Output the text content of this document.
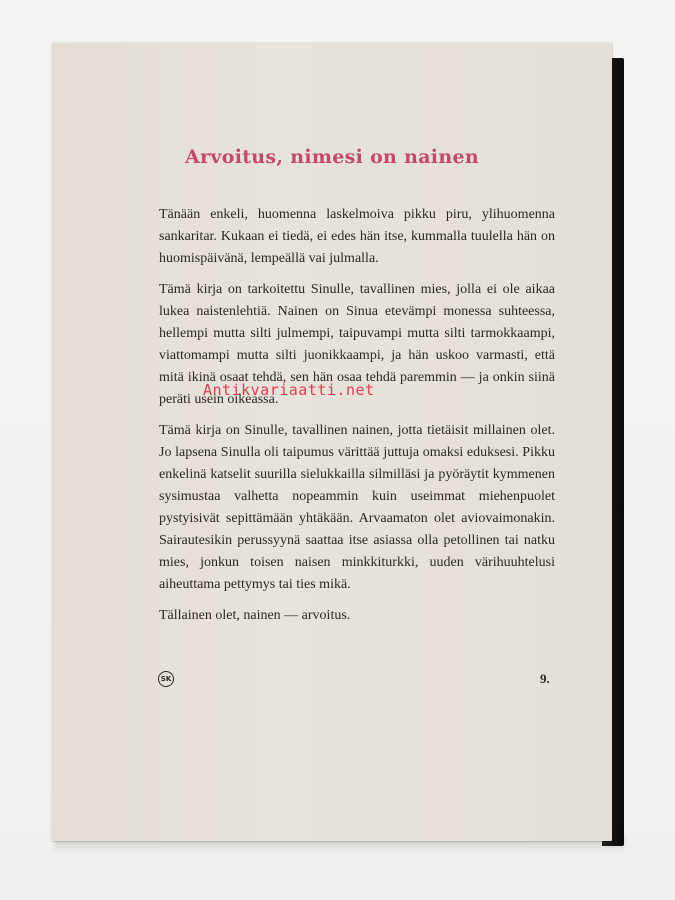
Arvoitus, nimesi on nainen

Tänään enkeli, huomenna laskelmoiva pikku piru, ylihuomenna sankaritar. Kukaan ei tiedä, ei edes hän itse, kummalla tuulella hän on huomispäivänä, lempeällä vai julmalla.

Tämä kirja on tarkoitettu Sinulle, tavallinen mies, jolla ei ole aikaa lukea naistenlehtiä. Nainen on Sinua etevämpi monessa suhteessa, hellempi mutta silti julmempi, taipuvampi mutta silti tarmokkaampi, viattomampi mutta silti juonikkaampi, ja hän uskoo varmasti, että mitä ikinä osaat tehdä, sen hän osaa tehdä paremmin — ja onkin siinä peräti usein oikeassa.

Tämä kirja on Sinulle, tavallinen nainen, jotta tietäisit millainen olet. Jo lapsena Sinulla oli taipumus värittää juttuja omaksi eduksesi. Pikku enkelinä katselit suurilla sielukkailla silmilläsi ja pyöräytit kymmenen sysimustaa valhetta nopeammin kuin useimmat miehenpuolet pystyisivät sepittämään yhtäkään. Arvaamaton olet aviovaimonakin. Sairautesikin perussyynä saattaa itse asiassa olla petollinen tai natku mies, jonkun toisen naisen minkkiturkki, uuden värihuuhtelusi aiheuttama pettymys tai ties mikä.

Tällainen olet, nainen — arvoitus.

SK	9.
Antikvariaatti.net
